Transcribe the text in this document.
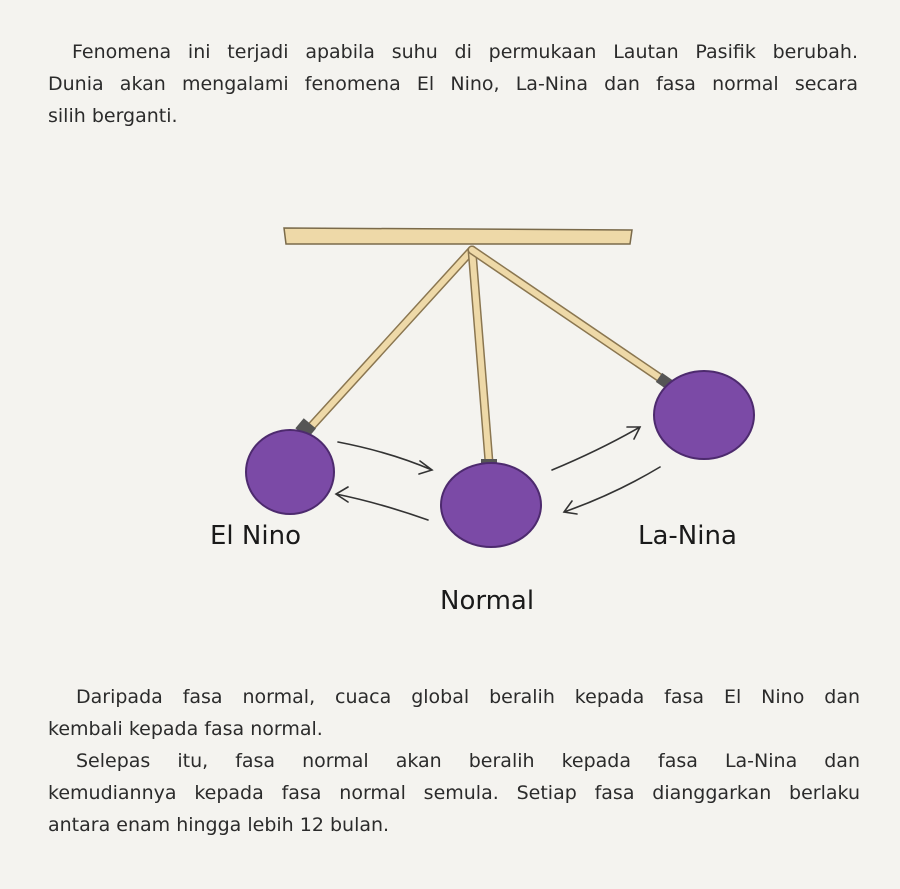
Fenomena ini terjadi apabila suhu di permukaan Lautan Pasifik berubah.
Dunia akan mengalami fenomena El Nino, La-Nina dan fasa normal secara
silih berganti.
El Nino	La-Nina
Normal
Daripada fasa normal, cuaca global beralih kepada fasa El Nino dan
kembali kepada fasa normal.
Selepas itu, fasa normal akan beralih kepada fasa La-Nina dan
kemudiannya kepada fasa normal semula. Setiap fasa dianggarkan berlaku
antara enam hingga lebih 12 bulan.
